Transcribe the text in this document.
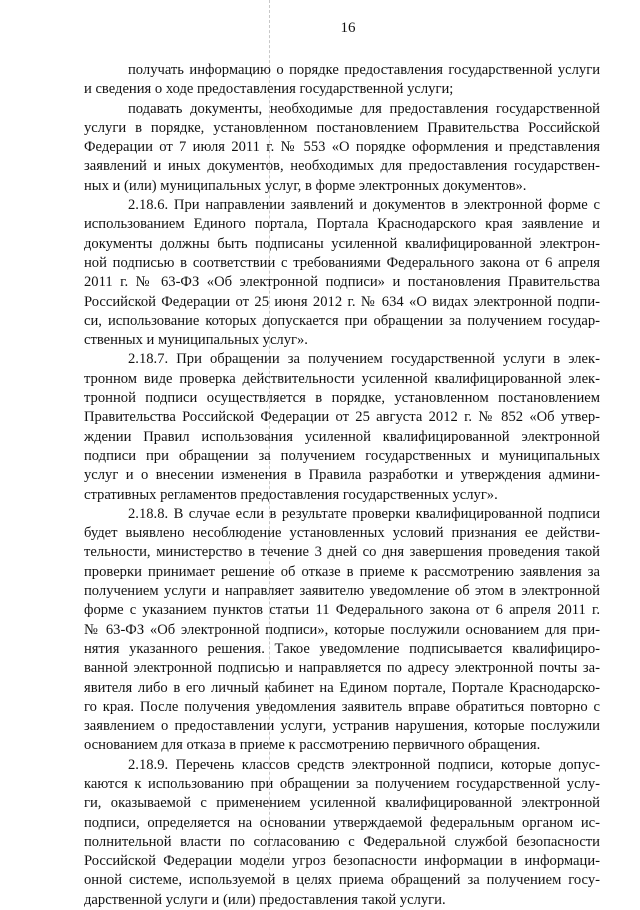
16

получать информацию о порядке предоставления государственной услуги
и сведения о ходе предоставления государственной услуги;

подавать документы, необходимые для предоставления государственной
услуги в порядке, установленном постановлением Правительства Российской
Федерации от 7 июля 2011 г. № 553 «О порядке оформления и представления
заявлений и иных документов, необходимых для предоставления государствен-
ных и (или) муниципальных услуг, в форме электронных документов».

2.18.6. При направлении заявлений и документов в электронной форме с
использованием Единого портала, Портала Краснодарского края заявление и
документы должны быть подписаны усиленной квалифицированной электрон-
ной подписью в соответствии с требованиями Федерального закона от 6 апреля
2011 г. № 63-ФЗ «Об электронной подписи» и постановления Правительства
Российской Федерации от 25 июня 2012 г. № 634 «О видах электронной подпи-
си, использование которых допускается при обращении за получением государ-
ственных и муниципальных услуг».

2.18.7. При обращении за получением государственной услуги в элек-
тронном виде проверка действительности усиленной квалифицированной элек-
тронной подписи осуществляется в порядке, установленном постановлением
Правительства Российской Федерации от 25 августа 2012 г. № 852 «Об утвер-
ждении Правил использования усиленной квалифицированной электронной
подписи при обращении за получением государственных и муниципальных
услуг и о внесении изменения в Правила разработки и утверждения админи-
стративных регламентов предоставления государственных услуг».

2.18.8. В случае если в результате проверки квалифицированной подписи
будет выявлено несоблюдение установленных условий признания ее действи-
тельности, министерство в течение 3 дней со дня завершения проведения такой
проверки принимает решение об отказе в приеме к рассмотрению заявления за
получением услуги и направляет заявителю уведомление об этом в электронной
форме с указанием пунктов статьи 11 Федерального закона от 6 апреля 2011 г.
№ 63-ФЗ «Об электронной подписи», которые послужили основанием для при-
нятия указанного решения. Такое уведомление подписывается квалифициро-
ванной электронной подписью и направляется по адресу электронной почты за-
явителя либо в его личный кабинет на Едином портале, Портале Краснодарско-
го края. После получения уведомления заявитель вправе обратиться повторно с
заявлением о предоставлении услуги, устранив нарушения, которые послужили
основанием для отказа в приеме к рассмотрению первичного обращения.

2.18.9. Перечень классов средств электронной подписи, которые допус-
каются к использованию при обращении за получением государственной услу-
ги, оказываемой с применением усиленной квалифицированной электронной
подписи, определяется на основании утверждаемой федеральным органом ис-
полнительной власти по согласованию с Федеральной службой безопасности
Российской Федерации модели угроз безопасности информации в информаци-
онной системе, используемой в целях приема обращений за получением госу-
дарственной услуги и (или) предоставления такой услуги.
